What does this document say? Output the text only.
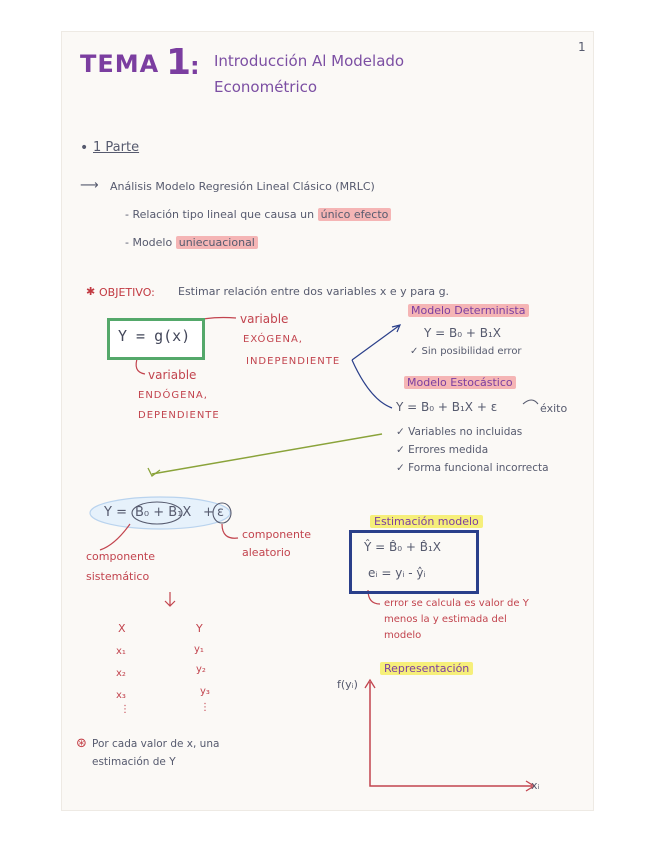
1
TEMA 1
: Introducción Al Modelado
Econométrico
• 1 Parte
⟶ Análisis Modelo Regresión Lineal Clásico (MRLC)
- Relación tipo lineal que causa un único efecto
- Modelo uniecuacional
✱ OBJETIVO: Estimar relación entre dos variables x e y para g.
Y = g(x)
variable
EXÓGENA,
INDEPENDIENTE
variable
ENDÓGENA,
DEPENDIENTE
Modelo Determinista
Y = B₀ + B₁X
✓ Sin posibilidad error
Modelo Estocástico
Y = B₀ + B₁X + ε	éxito
✓ Variables no incluidas
✓ Errores medida
✓ Forma funcional incorrecta
Y = B₀ + B₁X + ε
componente
sistemático
componente
aleatorio
Estimación modelo
Ŷ = B̂₀ + B̂₁X
eᵢ = yᵢ - ŷᵢ
error se calcula es valor de Y
menos la y estimada del
modelo
X
x₁
x₂
x₃
⋮
Y
y₁
y₂
y₃
⋮
⊛ Por cada valor de x, una
estimación de Y
Representación
f(yᵢ)
xᵢ
